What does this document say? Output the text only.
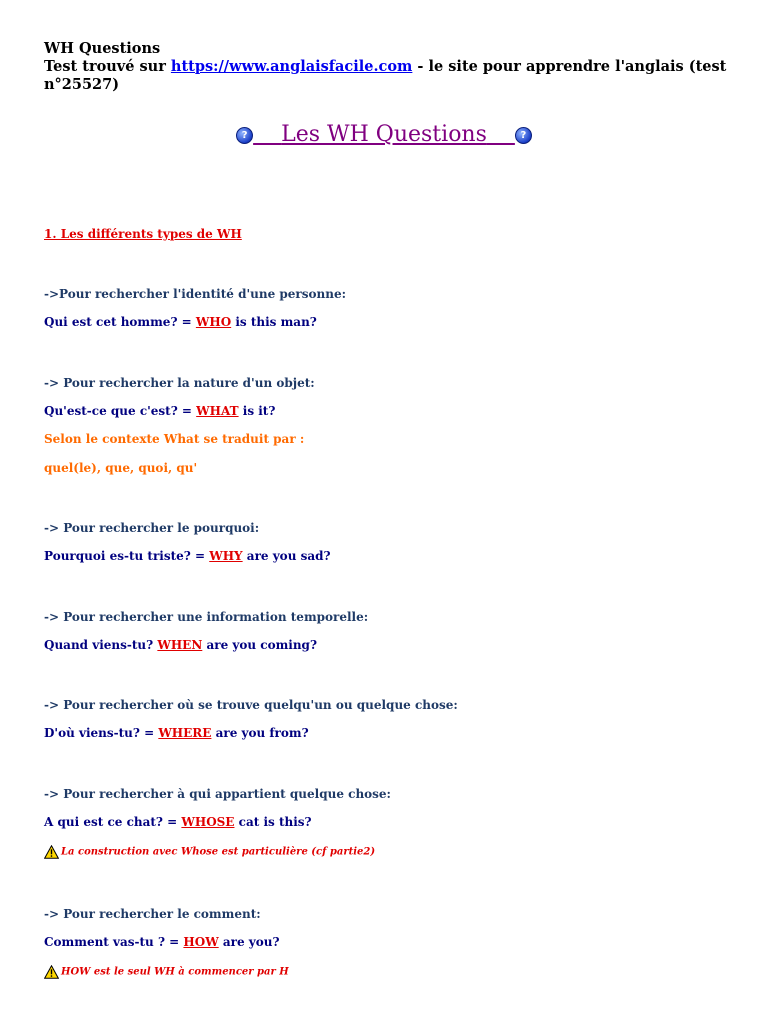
WH Questions
Test trouvé sur https://www.anglaisfacile.com - le site pour apprendre l'anglais (test n°25527)
? Les WH Questions	?
1. Les différents types de WH
->Pour rechercher l'identité d'une personne:
Qui est cet homme? = WHO is this man?
-> Pour rechercher la nature d'un objet:
Qu'est-ce que c'est? = WHAT is it?
Selon le contexte What se traduit par :
quel(le), que, quoi, qu'
-> Pour rechercher le pourquoi:
Pourquoi es-tu triste? = WHY are you sad?
-> Pour rechercher une information temporelle:
Quand viens-tu? WHEN are you coming?
-> Pour rechercher où se trouve quelqu'un ou quelque chose:
D'où viens-tu? = WHERE are you from?
-> Pour rechercher à qui appartient quelque chose:
A qui est ce chat? = WHOSE cat is this?
La construction avec Whose est particulière (cf partie2)
-> Pour rechercher le comment:
Comment vas-tu ? = HOW are you?
HOW est le seul WH à commencer par H
